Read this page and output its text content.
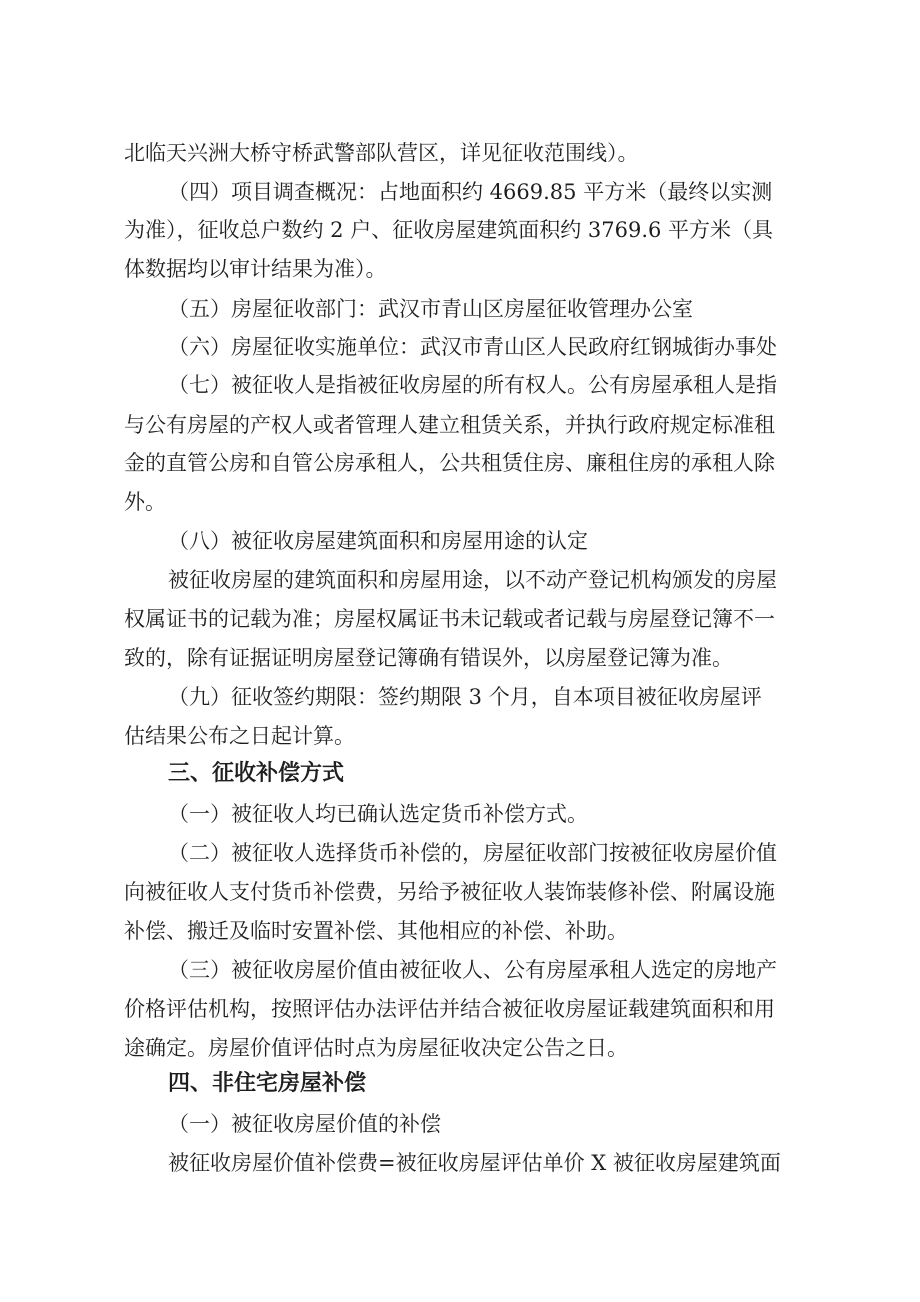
北临天兴洲大桥守桥武警部队营区，详见征收范围线）。
（四）项目调查概况：占地面积约 4669.85 平方米（最终以实测
为准），征收总户数约 2 户、征收房屋建筑面积约 3769.6 平方米（具
体数据均以审计结果为准）。
（五）房屋征收部门：武汉市青山区房屋征收管理办公室
（六）房屋征收实施单位：武汉市青山区人民政府红钢城街办事处
（七）被征收人是指被征收房屋的所有权人。公有房屋承租人是指
与公有房屋的产权人或者管理人建立租赁关系，并执行政府规定标准租
金的直管公房和自管公房承租人，公共租赁住房、廉租住房的承租人除
外。
（八）被征收房屋建筑面积和房屋用途的认定
被征收房屋的建筑面积和房屋用途，以不动产登记机构颁发的房屋
权属证书的记载为准；房屋权属证书未记载或者记载与房屋登记簿不一
致的，除有证据证明房屋登记簿确有错误外，以房屋登记簿为准。
（九）征收签约期限：签约期限 3 个月，自本项目被征收房屋评
估结果公布之日起计算。
三、征收补偿方式
（一）被征收人均已确认选定货币补偿方式。
（二）被征收人选择货币补偿的，房屋征收部门按被征收房屋价值
向被征收人支付货币补偿费，另给予被征收人装饰装修补偿、附属设施
补偿、搬迁及临时安置补偿、其他相应的补偿、补助。
（三）被征收房屋价值由被征收人、公有房屋承租人选定的房地产
价格评估机构，按照评估办法评估并结合被征收房屋证载建筑面积和用
途确定。房屋价值评估时点为房屋征收决定公告之日。
四、非住宅房屋补偿
（一）被征收房屋价值的补偿
被征收房屋价值补偿费=被征收房屋评估单价 X 被征收房屋建筑面
